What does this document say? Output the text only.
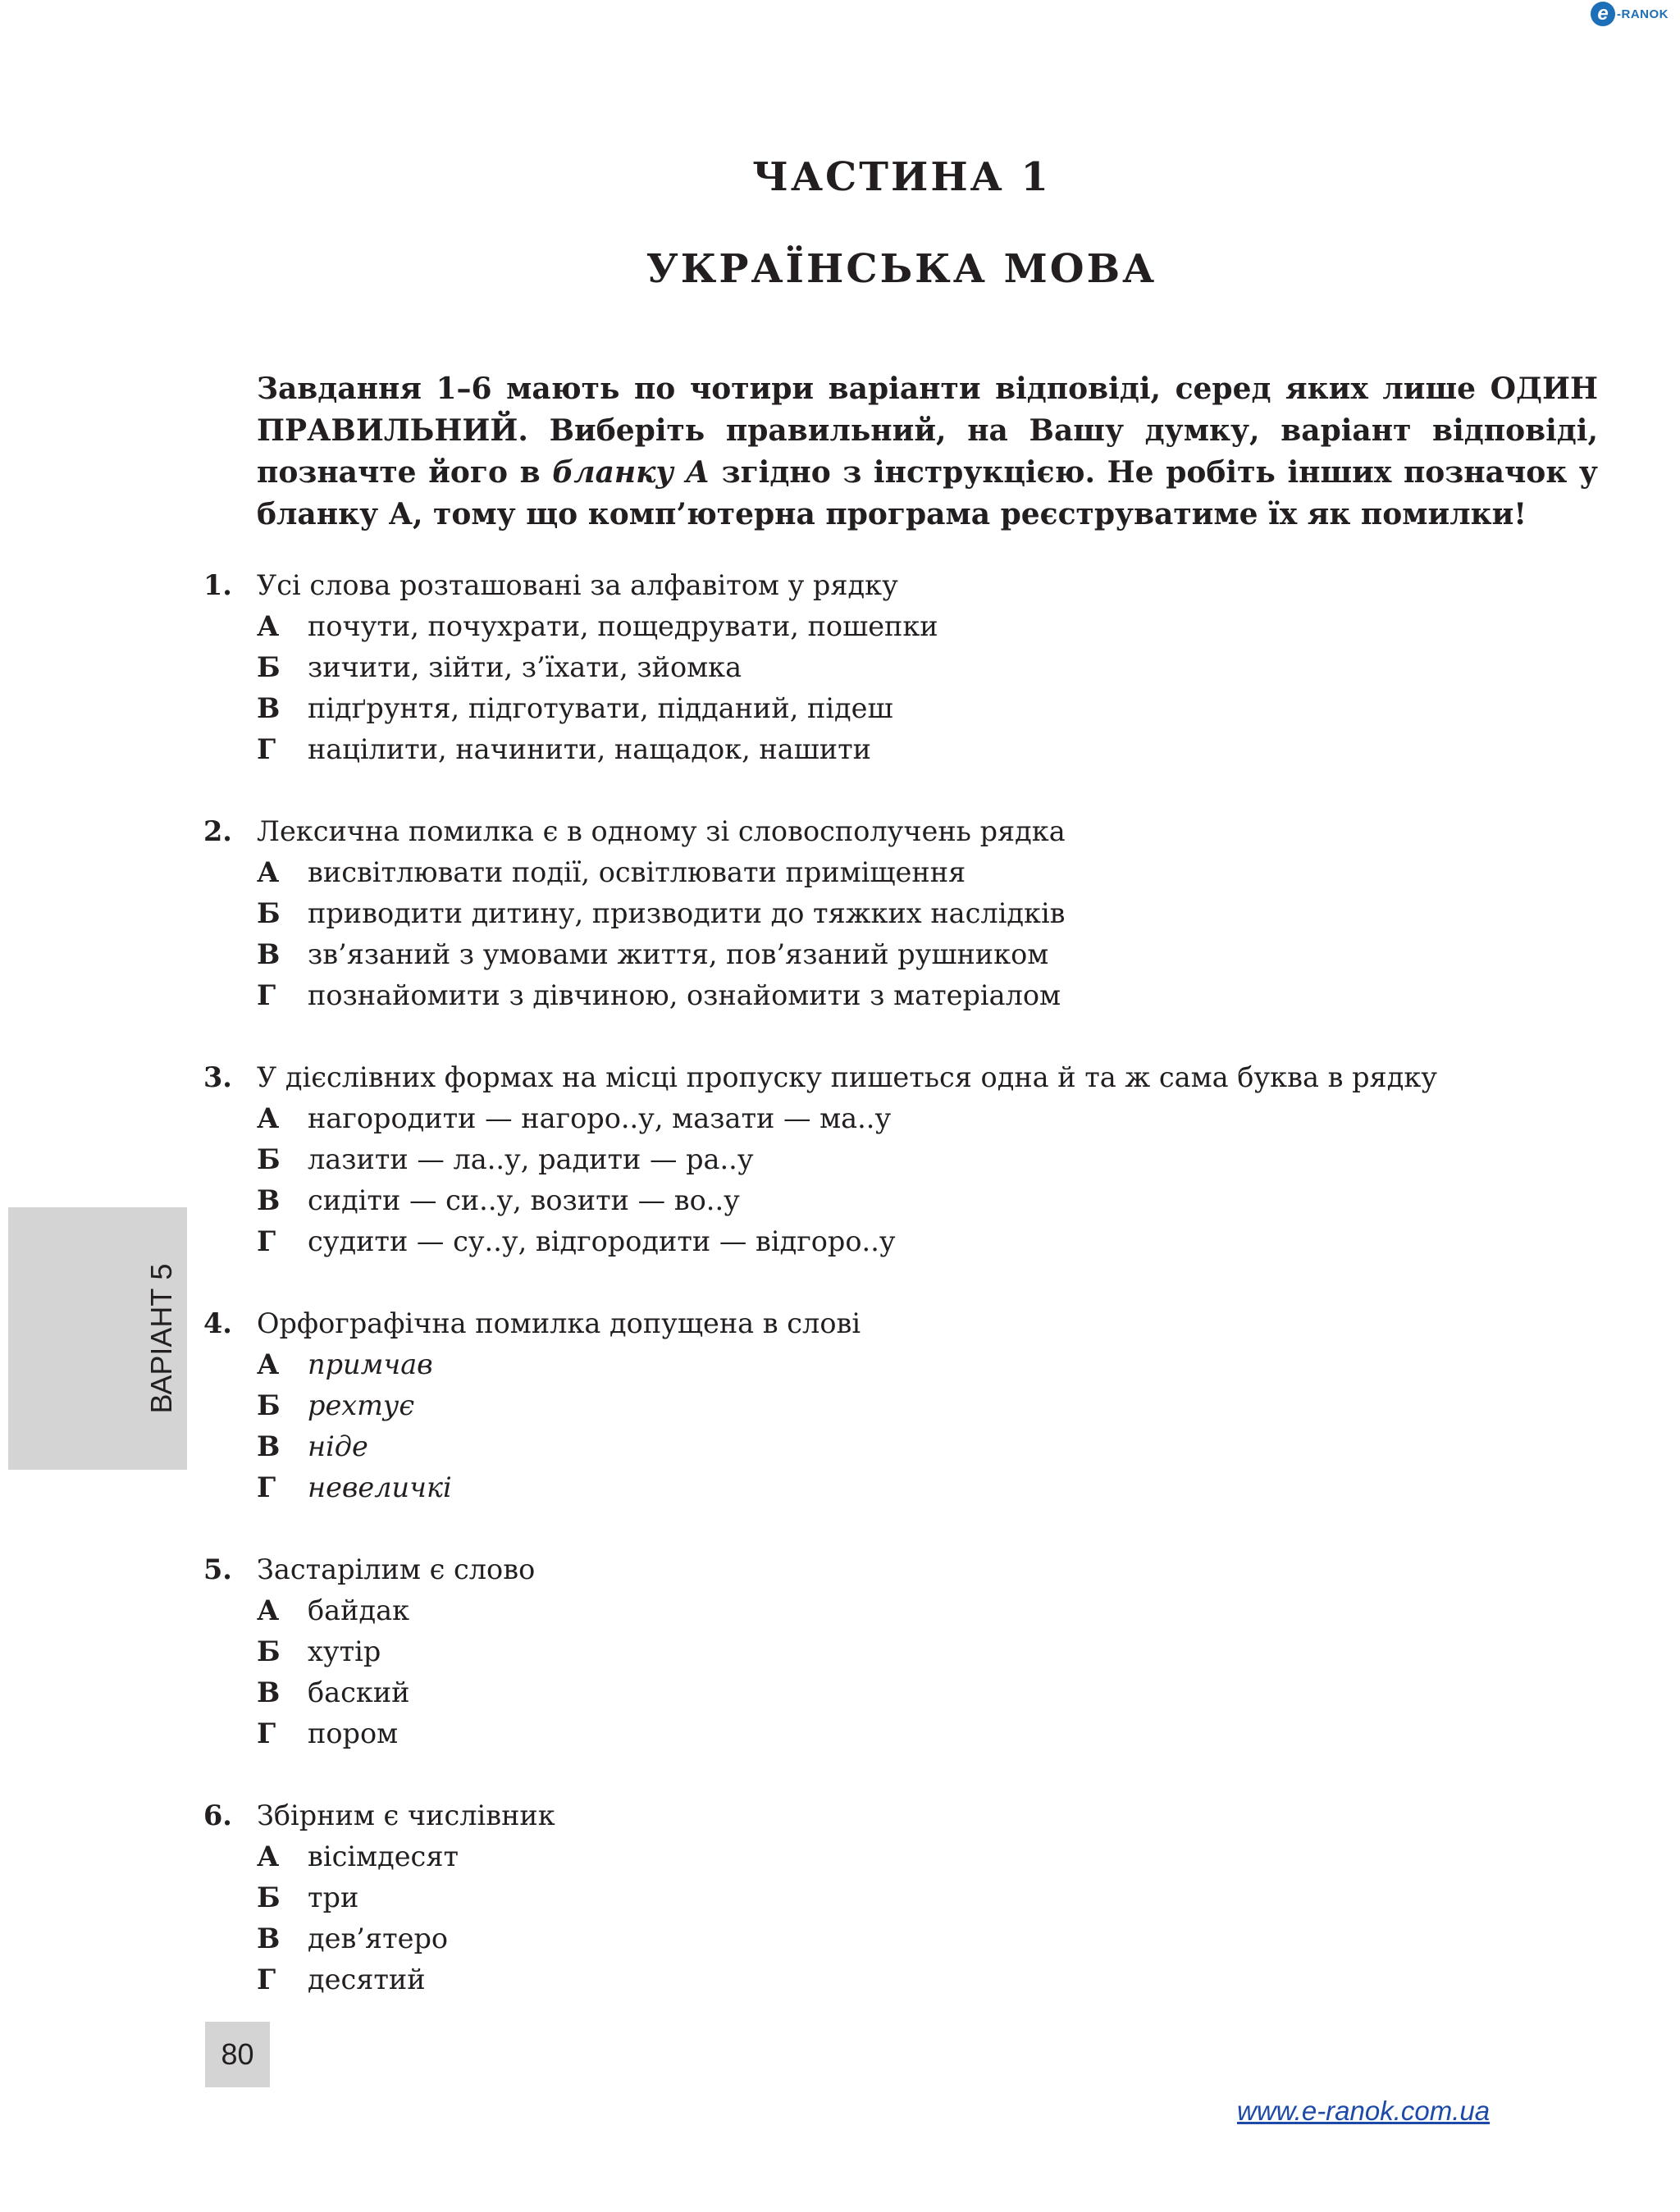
e -RANOK
ЧАСТИНА 1
УКРАЇНСЬКА МОВА
Завдання 1–6 мають по чотири варіанти відповіді, серед яких лише ОДИН ПРАВИЛЬНИЙ. Виберіть правильний, на Вашу думку, варіант відповіді, позначте його в бланку А згідно з інструкцією. Не робіть інших позначок у бланку А, тому що комп’ютерна програма реєструватиме їх як помилки!
1. Усі слова розташовані за алфавітом у рядку
А	почути, почухрати, пощедрувати, пошепки
Б зичити, зійти, з’їхати, зйомка
В	підґрунтя, підготувати, підданий, підеш
Г	націлити, начинити, нащадок, нашити
2. Лексична помилка є в одному зі словосполучень рядка
А	висвітлювати події, освітлювати приміщення
Б приводити дитину, призводити до тяжких наслідків
В	зв’язаний з умовами життя, пов’язаний рушником
Г	познайомити з дівчиною, ознайомити з матеріалом
3. У дієслівних формах на місці пропуску пишеться одна й та ж сама буква в рядку
А	нагородити — нагоро..у, мазати — ма..у
Б лазити — ла..у, радити — ра..у
В	сидіти — си..у, возити — во..у
Г	судити — су..у, відгородити — відгоро..у
4. Орфографічна помилка допущена в слові
А	примчав
Б рехтує
В	ніде
Г	невеличкі
5. Застарілим є слово
А	байдак
Б хутір
В	баский
Г	пором
6. Збірним є числівник
А	вісімдесят
Б три
В	дев’ятеро
Г	десятий
ВАРІАНТ 5
80
www.e-ranok.com.ua
